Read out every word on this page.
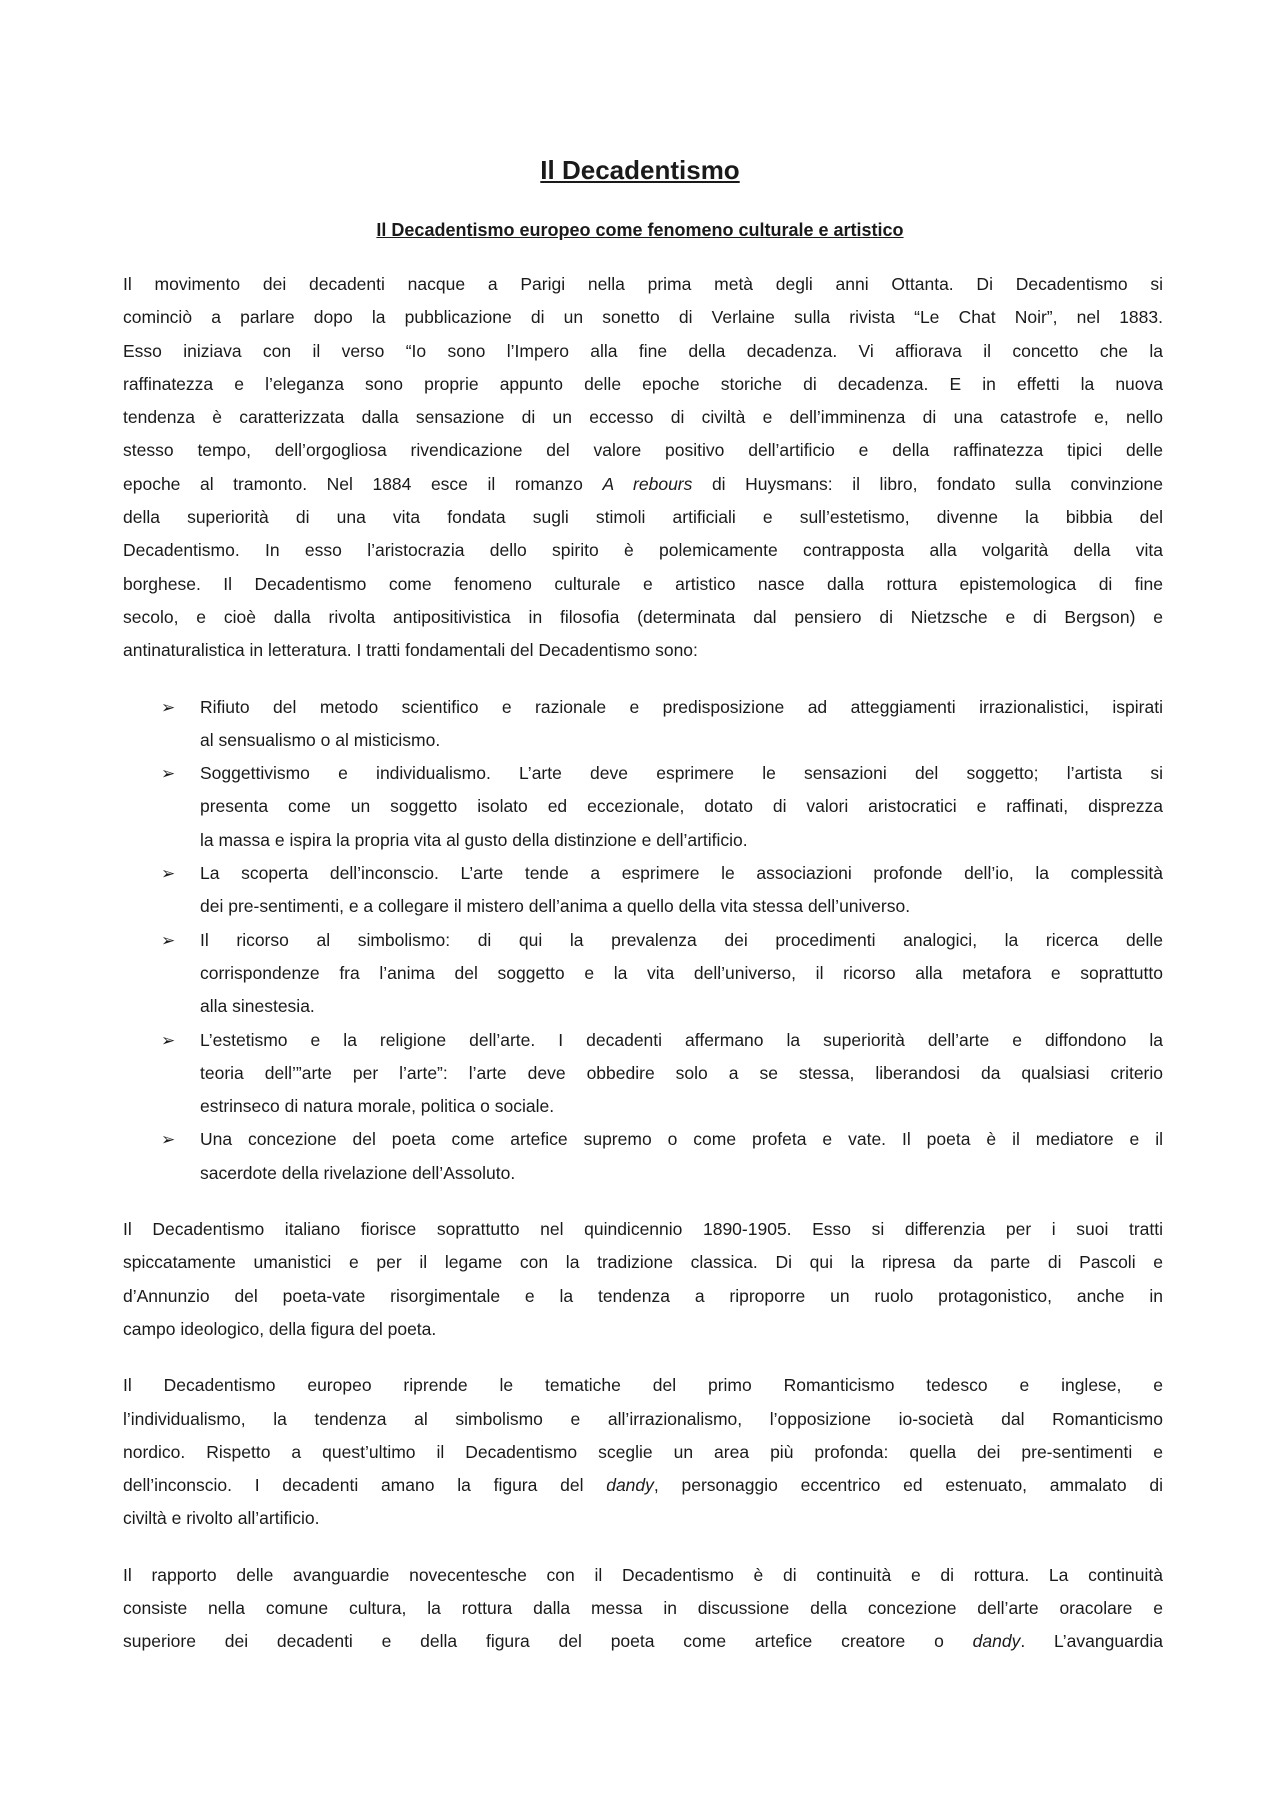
Il Decadentismo
Il Decadentismo europeo come fenomeno culturale e artistico
Il movimento dei decadenti nacque a Parigi nella prima metà degli anni Ottanta. Di Decadentismo si
cominciò a parlare dopo la pubblicazione di un sonetto di Verlaine sulla rivista “Le Chat Noir”, nel 1883.
Esso iniziava con il verso “Io sono l’Impero alla fine della decadenza. Vi affiorava il concetto che la
raffinatezza e l’eleganza sono proprie appunto delle epoche storiche di decadenza. E in effetti la nuova
tendenza è caratterizzata dalla sensazione di un eccesso di civiltà e dell’imminenza di una catastrofe e, nello
stesso tempo, dell’orgogliosa rivendicazione del valore positivo dell’artificio e della raffinatezza tipici delle
epoche al tramonto. Nel 1884 esce il romanzo A rebours di Huysmans: il libro, fondato sulla convinzione
della superiorità di una vita fondata sugli stimoli artificiali e sull’estetismo, divenne la bibbia del
Decadentismo. In esso l’aristocrazia dello spirito è polemicamente contrapposta alla volgarità della vita
borghese. Il Decadentismo come fenomeno culturale e artistico nasce dalla rottura epistemologica di fine
secolo, e cioè dalla rivolta antipositivistica in filosofia (determinata dal pensiero di Nietzsche e di Bergson) e
antinaturalistica in letteratura. I tratti fondamentali del Decadentismo sono:
➢ Rifiuto del metodo scientifico e razionale e predisposizione ad atteggiamenti irrazionalistici, ispirati
al sensualismo o al misticismo.
➢ Soggettivismo e individualismo. L’arte deve esprimere le sensazioni del soggetto; l’artista si
presenta come un soggetto isolato ed eccezionale, dotato di valori aristocratici e raffinati, disprezza
la massa e ispira la propria vita al gusto della distinzione e dell’artificio.
➢ La scoperta dell’inconscio. L’arte tende a esprimere le associazioni profonde dell’io, la complessità
dei pre-sentimenti, e a collegare il mistero dell’anima a quello della vita stessa dell’universo.
➢ Il ricorso al simbolismo: di qui la prevalenza dei procedimenti analogici, la ricerca delle
corrispondenze fra l’anima del soggetto e la vita dell’universo, il ricorso alla metafora e soprattutto
alla sinestesia.
➢ L’estetismo e la religione dell’arte. I decadenti affermano la superiorità dell’arte e diffondono la
teoria dell’”arte per l’arte”: l’arte deve obbedire solo a se stessa, liberandosi da qualsiasi criterio
estrinseco di natura morale, politica o sociale.
➢ Una concezione del poeta come artefice supremo o come profeta e vate. Il poeta è il mediatore e il
sacerdote della rivelazione dell’Assoluto.
Il Decadentismo italiano fiorisce soprattutto nel quindicennio 1890-1905. Esso si differenzia per i suoi tratti
spiccatamente umanistici e per il legame con la tradizione classica. Di qui la ripresa da parte di Pascoli e
d’Annunzio del poeta-vate risorgimentale e la tendenza a riproporre un ruolo protagonistico, anche in
campo ideologico, della figura del poeta.
Il Decadentismo europeo riprende le tematiche del primo Romanticismo tedesco e inglese, e
l’individualismo, la tendenza al simbolismo e all’irrazionalismo, l’opposizione io-società dal Romanticismo
nordico. Rispetto a quest’ultimo il Decadentismo sceglie un area più profonda: quella dei pre-sentimenti e
dell’inconscio. I decadenti amano la figura del dandy, personaggio eccentrico ed estenuato, ammalato di
civiltà e rivolto all’artificio.
Il rapporto delle avanguardie novecentesche con il Decadentismo è di continuità e di rottura. La continuità
consiste nella comune cultura, la rottura dalla messa in discussione della concezione dell’arte oracolare e
superiore dei decadenti e della figura del poeta come artefice creatore o dandy. L’avanguardia
